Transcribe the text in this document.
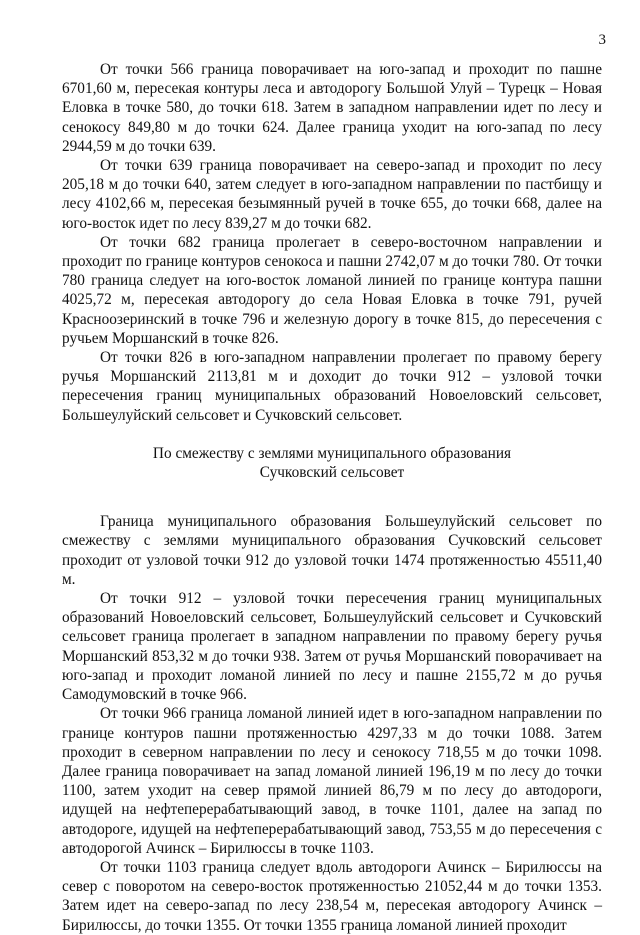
3

От точки 566 граница поворачивает на юго-запад и проходит по пашне 6701,60 м, пересекая контуры леса и автодорогу Большой Улуй – Турецк – Новая Еловка в точке 580, до точки 618. Затем в западном направлении идет по лесу и сенокосу 849,80 м до точки 624. Далее граница уходит на юго-запад по лесу 2944,59 м до точки 639.

От точки 639 граница поворачивает на северо-запад и проходит по лесу 205,18 м до точки 640, затем следует в юго-западном направлении по пастбищу и лесу 4102,66 м, пересекая безымянный ручей в точке 655, до точки 668, далее на юго-восток идет по лесу 839,27 м до точки 682.

От точки 682 граница пролегает в северо-восточном направлении и проходит по границе контуров сенокоса и пашни 2742,07 м до точки 780. От точки 780 граница следует на юго-восток ломаной линией по границе контура пашни 4025,72 м, пересекая автодорогу до села Новая Еловка в точке 791, ручей Красноозеринский в точке 796 и железную дорогу в точке 815, до пересечения с ручьем Моршанский в точке 826.

От точки 826 в юго-западном направлении пролегает по правому берегу ручья Моршанский 2113,81 м и доходит до точки 912 – узловой точки пересечения границ муниципальных образований Новоеловский сельсовет, Большеулуйский сельсовет и Сучковский сельсовет.

По смежеству с землями муниципального образования
Сучковский сельсовет

Граница муниципального образования Большеулуйский сельсовет по смежеству с землями муниципального образования Сучковский сельсовет проходит от узловой точки 912 до узловой точки 1474 протяженностью 45511,40 м.

От точки 912 – узловой точки пересечения границ муниципальных образований Новоеловский сельсовет, Большеулуйский сельсовет и Сучковский сельсовет граница пролегает в западном направлении по правому берегу ручья Моршанский 853,32 м до точки 938. Затем от ручья Моршанский поворачивает на юго-запад и проходит ломаной линией по лесу и пашне 2155,72 м до ручья Самодумовский в точке 966.

От точки 966 граница ломаной линией идет в юго-западном направлении по границе контуров пашни протяженностью 4297,33 м до точки 1088. Затем проходит в северном направлении по лесу и сенокосу 718,55 м до точки 1098. Далее граница поворачивает на запад ломаной линией 196,19 м по лесу до точки 1100, затем уходит на север прямой линией 86,79 м по лесу до автодороги, идущей на нефтеперерабатывающий завод, в точке 1101, далее на запад по автодороге, идущей на нефтеперерабатывающий завод, 753,55 м до пересечения с автодорогой Ачинск – Бирилюссы в точке 1103.

От точки 1103 граница следует вдоль автодороги Ачинск – Бирилюссы на север с поворотом на северо-восток протяженностью 21052,44 м до точки 1353. Затем идет на северо-запад по лесу 238,54 м, пересекая автодорогу Ачинск – Бирилюссы, до точки 1355. От точки 1355 граница ломаной линией проходит
